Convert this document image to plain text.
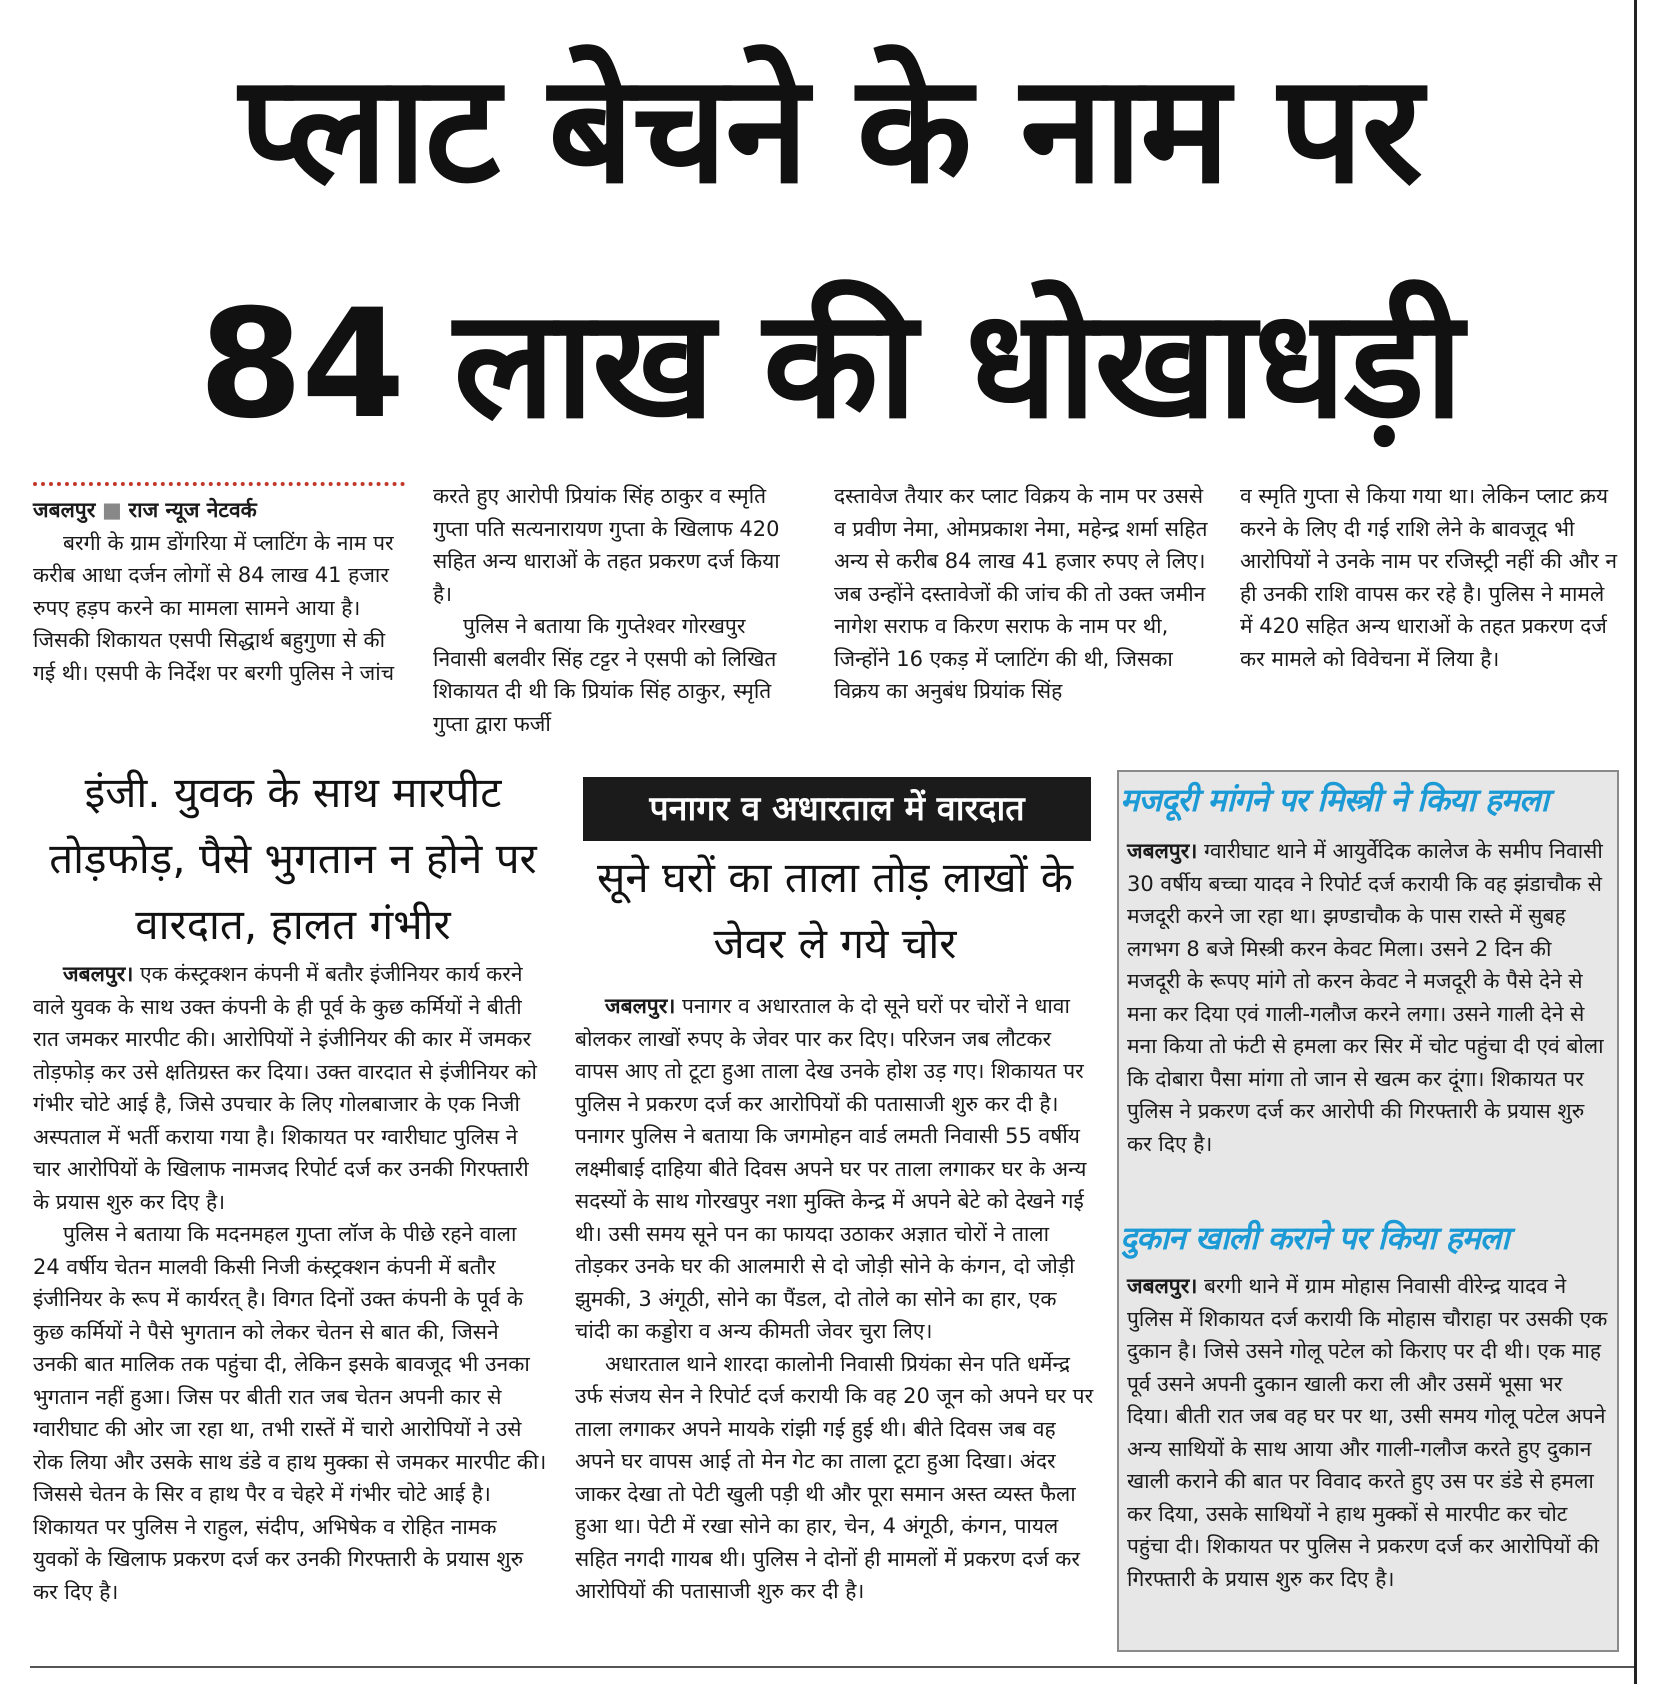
प्लाट बेचने के नाम पर
84 लाख की धोखाधड़ी

जबलपुर ■ राज न्यूज नेटवर्क

बरगी के ग्राम डोंगरिया में प्लाटिंग के नाम पर करीब आधा दर्जन लोगों से 84 लाख 41 हजार रुपए हड़प करने का मामला सामने आया है। जिसकी शिकायत एसपी सिद्धार्थ बहुगुणा से की गई थी। एसपी के निर्देश पर बरगी पुलिस ने जांच

करते हुए आरोपी प्रियांक सिंह ठाकुर व स्मृति गुप्ता पति सत्यनारायण गुप्ता के खिलाफ 420 सहित अन्य धाराओं के तहत प्रकरण दर्ज किया है।

पुलिस ने बताया कि गुप्तेश्वर गोरखपुर निवासी बलवीर सिंह टट्टर ने एसपी को लिखित शिकायत दी थी कि प्रियांक सिंह ठाकुर, स्मृति गुप्ता द्वारा फर्जी

दस्तावेज तैयार कर प्लाट विक्रय के नाम पर उससे व प्रवीण नेमा, ओमप्रकाश नेमा, महेन्द्र शर्मा सहित अन्य से करीब 84 लाख 41 हजार रुपए ले लिए। जब उन्होंने दस्तावेजों की जांच की तो उक्त जमीन नागेश सराफ व किरण सराफ के नाम पर थी, जिन्होंने 16 एकड़ में प्लाटिंग की थी, जिसका विक्रय का अनुबंध प्रियांक सिंह

व स्मृति गुप्ता से किया गया था। लेकिन प्लाट क्रय करने के लिए दी गई राशि लेने के बावजूद भी आरोपियों ने उनके नाम पर रजिस्ट्री नहीं की और न ही उनकी राशि वापस कर रहे है। पुलिस ने मामले में 420 सहित अन्य धाराओं के तहत प्रकरण दर्ज कर मामले को विवेचना में लिया है।

इंजी. युवक के साथ मारपीट तोड़फोड़, पैसे भुगतान न होने पर वारदात, हालत गंभीर

जबलपुर। एक कंस्ट्रक्शन कंपनी में बतौर इंजीनियर कार्य करने वाले युवक के साथ उक्त कंपनी के ही पूर्व के कुछ कर्मियों ने बीती रात जमकर मारपीट की। आरोपियों ने इंजीनियर की कार में जमकर तोड़फोड़ कर उसे क्षतिग्रस्त कर दिया। उक्त वारदात से इंजीनियर को गंभीर चोटे आई है, जिसे उपचार के लिए गोलबाजार के एक निजी अस्पताल में भर्ती कराया गया है। शिकायत पर ग्वारीघाट पुलिस ने चार आरोपियों के खिलाफ नामजद रिपोर्ट दर्ज कर उनकी गिरफ्तारी के प्रयास शुरु कर दिए है।

पुलिस ने बताया कि मदनमहल गुप्ता लॉज के पीछे रहने वाला 24 वर्षीय चेतन मालवी किसी निजी कंस्ट्रक्शन कंपनी में बतौर इंजीनियर के रूप में कार्यरत् है। विगत दिनों उक्त कंपनी के पूर्व के कुछ कर्मियों ने पैसे भुगतान को लेकर चेतन से बात की, जिसने उनकी बात मालिक तक पहुंचा दी, लेकिन इसके बावजूद भी उनका भुगतान नहीं हुआ। जिस पर बीती रात जब चेतन अपनी कार से ग्वारीघाट की ओर जा रहा था, तभी रास्तें में चारो आरोपियों ने उसे रोक लिया और उसके साथ डंडे व हाथ मुक्का से जमकर मारपीट की। जिससे चेतन के सिर व हाथ पैर व चेहरे में गंभीर चोटे आई है। शिकायत पर पुलिस ने राहुल, संदीप, अभिषेक व रोहित नामक युवकों के खिलाफ प्रकरण दर्ज कर उनकी गिरफ्तारी के प्रयास शुरु कर दिए है।

पनागर व अधारताल में वारदात
सूने घरों का ताला तोड़ लाखों के जेवर ले गये चोर

जबलपुर। पनागर व अधारताल के दो सूने घरों पर चोरों ने धावा बोलकर लाखों रुपए के जेवर पार कर दिए। परिजन जब लौटकर वापस आए तो टूटा हुआ ताला देख उनके होश उड़ गए। शिकायत पर पुलिस ने प्रकरण दर्ज कर आरोपियों की पतासाजी शुरु कर दी है। पनागर पुलिस ने बताया कि जगमोहन वार्ड लमती निवासी 55 वर्षीय लक्ष्मीबाई दाहिया बीते दिवस अपने घर पर ताला लगाकर घर के अन्य सदस्यों के साथ गोरखपुर नशा मुक्ति केन्द्र में अपने बेटे को देखने गई थी। उसी समय सूने पन का फायदा उठाकर अज्ञात चोरों ने ताला तोड़कर उनके घर की आलमारी से दो जोड़ी सोने के कंगन, दो जोड़ी झुमकी, 3 अंगूठी, सोने का पैंडल, दो तोले का सोने का हार, एक चांदी का कड्डोरा व अन्य कीमती जेवर चुरा लिए।

अधारताल थाने शारदा कालोनी निवासी प्रियंका सेन पति धर्मेन्द्र उर्फ संजय सेन ने रिपोर्ट दर्ज करायी कि वह 20 जून को अपने घर पर ताला लगाकर अपने मायके रांझी गई हुई थी। बीते दिवस जब वह अपने घर वापस आई तो मेन गेट का ताला टूटा हुआ दिखा। अंदर जाकर देखा तो पेटी खुली पड़ी थी और पूरा समान अस्त व्यस्त फैला हुआ था। पेटी में रखा सोने का हार, चेन, 4 अंगूठी, कंगन, पायल सहित नगदी गायब थी। पुलिस ने दोनों ही मामलों में प्रकरण दर्ज कर आरोपियों की पतासाजी शुरु कर दी है।

मजदूरी मांगने पर मिस्त्री ने किया हमला

जबलपुर। ग्वारीघाट थाने में आयुर्वेदिक कालेज के समीप निवासी 30 वर्षीय बच्चा यादव ने रिपोर्ट दर्ज करायी कि वह झंडाचौक से मजदूरी करने जा रहा था। झण्डाचौक के पास रास्ते में सुबह लगभग 8 बजे मिस्त्री करन केवट मिला। उसने 2 दिन की मजदूरी के रूपए मांगे तो करन केवट ने मजदूरी के पैसे देने से मना कर दिया एवं गाली-गलौज करने लगा। उसने गाली देने से मना किया तो फंटी से हमला कर सिर में चोट पहुंचा दी एवं बोला कि दोबारा पैसा मांगा तो जान से खत्म कर दूंगा। शिकायत पर पुलिस ने प्रकरण दर्ज कर आरोपी की गिरफ्तारी के प्रयास शुरु कर दिए है।

दुकान खाली कराने पर किया हमला

जबलपुर। बरगी थाने में ग्राम मोहास निवासी वीरेन्द्र यादव ने पुलिस में शिकायत दर्ज करायी कि मोहास चौराहा पर उसकी एक दुकान है। जिसे उसने गोलू पटेल को किराए पर दी थी। एक माह पूर्व उसने अपनी दुकान खाली करा ली और उसमें भूसा भर दिया। बीती रात जब वह घर पर था, उसी समय गोलू पटेल अपने अन्य साथियों के साथ आया और गाली-गलौज करते हुए दुकान खाली कराने की बात पर विवाद करते हुए उस पर डंडे से हमला कर दिया, उसके साथियों ने हाथ मुक्कों से मारपीट कर चोट पहुंचा दी। शिकायत पर पुलिस ने प्रकरण दर्ज कर आरोपियों की गिरफ्तारी के प्रयास शुरु कर दिए है।
